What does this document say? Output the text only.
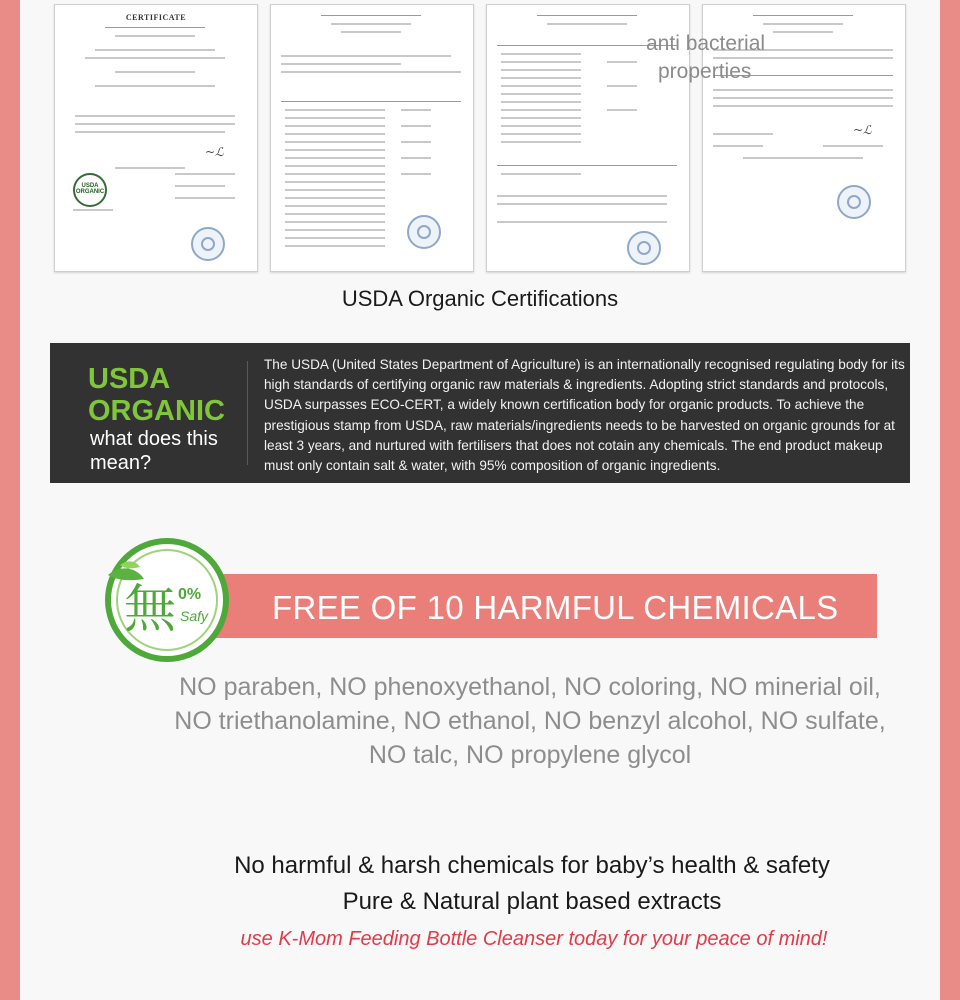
CERTIFICATE
USDA ORGANIC
~ℒ
~ℒ
anti bacterial
properties
USDA Organic Certifications
USDA
ORGANIC
what does this mean?
The USDA (United States Department of Agriculture) is an internationally recognised regulating body for its high standards of certifying organic raw materials & ingredients. Adopting strict standards and protocols, USDA surpasses ECO-CERT, a widely known certification body for organic products. To achieve the prestigious stamp from USDA, raw materials/ingredients needs to be harvested on organic grounds for at least 3 years, and nurtured with fertilisers that does not cotain any chemicals. The end product makeup must only contain salt & water, with 95% composition of organic ingredients.
FREE OF 10 HARMFUL CHEMICALS
無 0%
Safy
NO paraben, NO phenoxyethanol, NO coloring, NO minerial oil, NO triethanolamine, NO ethanol, NO benzyl alcohol, NO sulfate, NO talc, NO propylene glycol
No harmful & harsh chemicals for baby’s health & safety
Pure & Natural plant based extracts
use K-Mom Feeding Bottle Cleanser today for your peace of mind!
